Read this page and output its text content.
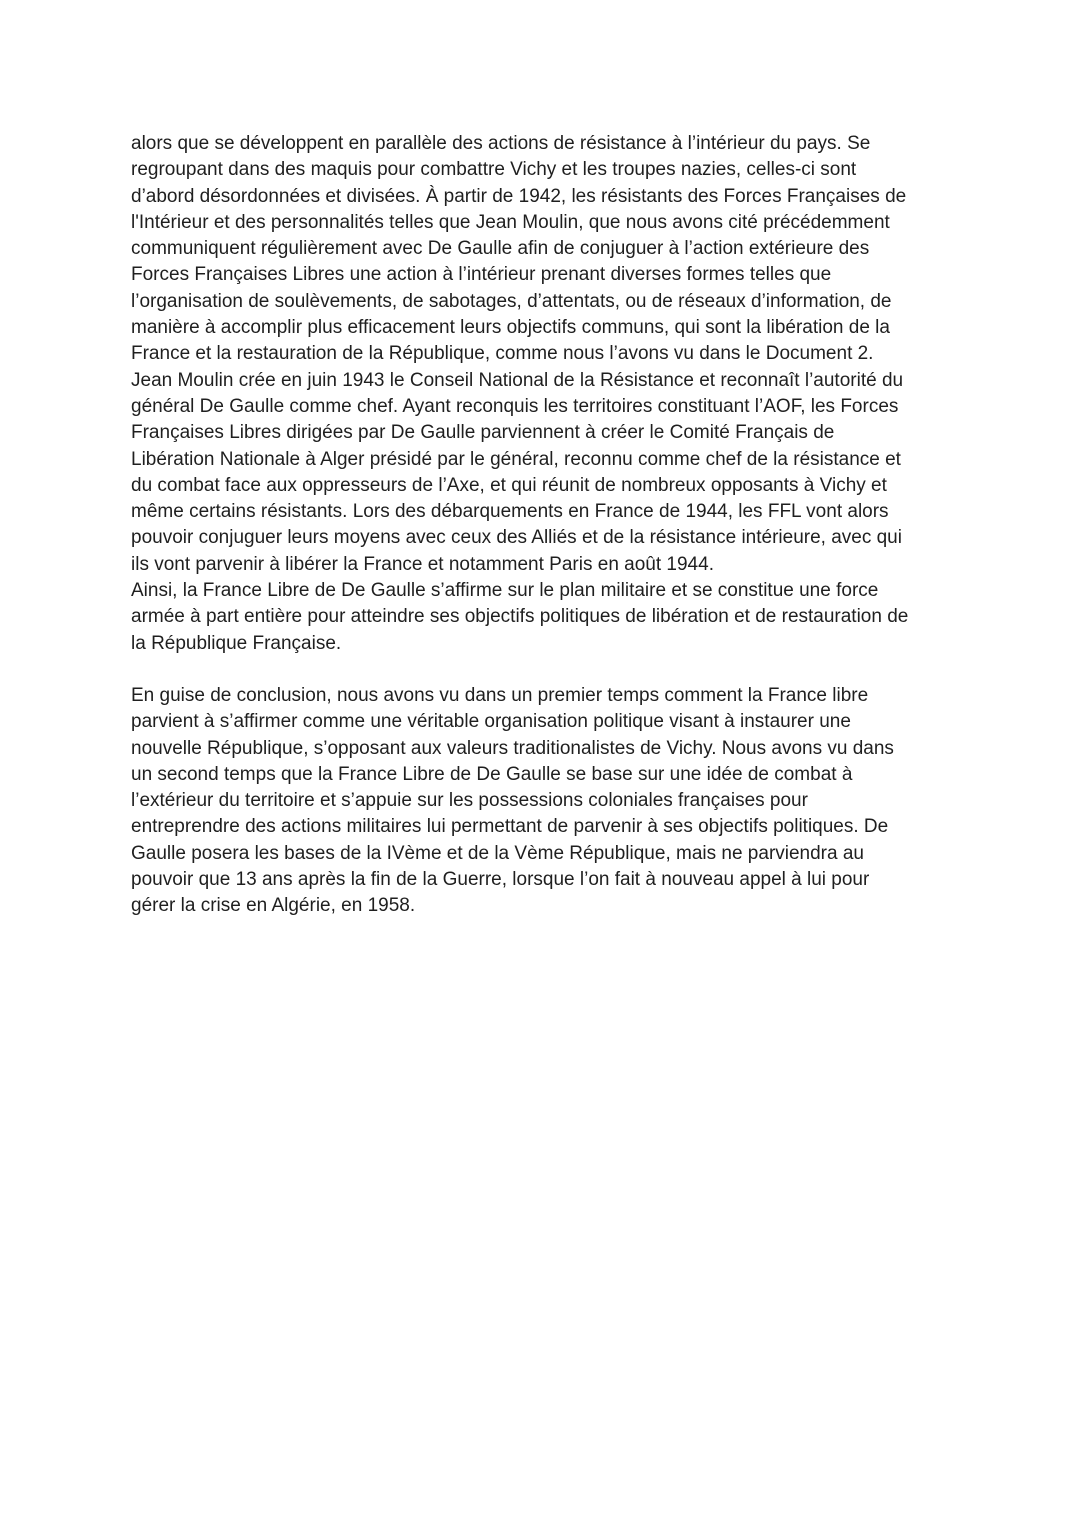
alors que se développent en parallèle des actions de résistance à l’intérieur du pays. Se
regroupant dans des maquis pour combattre Vichy et les troupes nazies, celles-ci sont
d’abord désordonnées et divisées. À partir de 1942, les résistants des Forces Françaises de
l'Intérieur et des personnalités telles que Jean Moulin, que nous avons cité précédemment
communiquent régulièrement avec De Gaulle afin de conjuguer à l’action extérieure des
Forces Françaises Libres une action à l’intérieur prenant diverses formes telles que
l’organisation de soulèvements, de sabotages, d’attentats, ou de réseaux d’information, de
manière à accomplir plus efficacement leurs objectifs communs, qui sont la libération de la
France et la restauration de la République, comme nous l’avons vu dans le Document 2.
Jean Moulin crée en juin 1943 le Conseil National de la Résistance et reconnaît l’autorité du
général De Gaulle comme chef. Ayant reconquis les territoires constituant l’AOF, les Forces
Françaises Libres dirigées par De Gaulle parviennent à créer le Comité Français de
Libération Nationale à Alger présidé par le général, reconnu comme chef de la résistance et
du combat face aux oppresseurs de l’Axe, et qui réunit de nombreux opposants à Vichy et
même certains résistants. Lors des débarquements en France de 1944, les FFL vont alors
pouvoir conjuguer leurs moyens avec ceux des Alliés et de la résistance intérieure, avec qui
ils vont parvenir à libérer la France et notamment Paris en août 1944.
Ainsi, la France Libre de De Gaulle s’affirme sur le plan militaire et se constitue une force
armée à part entière pour atteindre ses objectifs politiques de libération et de restauration de
la République Française.
En guise de conclusion, nous avons vu dans un premier temps comment la France libre
parvient à s’affirmer comme une véritable organisation politique visant à instaurer une
nouvelle République, s’opposant aux valeurs traditionalistes de Vichy. Nous avons vu dans
un second temps que la France Libre de De Gaulle se base sur une idée de combat à
l’extérieur du territoire et s’appuie sur les possessions coloniales françaises pour
entreprendre des actions militaires lui permettant de parvenir à ses objectifs politiques. De
Gaulle posera les bases de la IVème et de la Vème République, mais ne parviendra au
pouvoir que 13 ans après la fin de la Guerre, lorsque l’on fait à nouveau appel à lui pour
gérer la crise en Algérie, en 1958.
